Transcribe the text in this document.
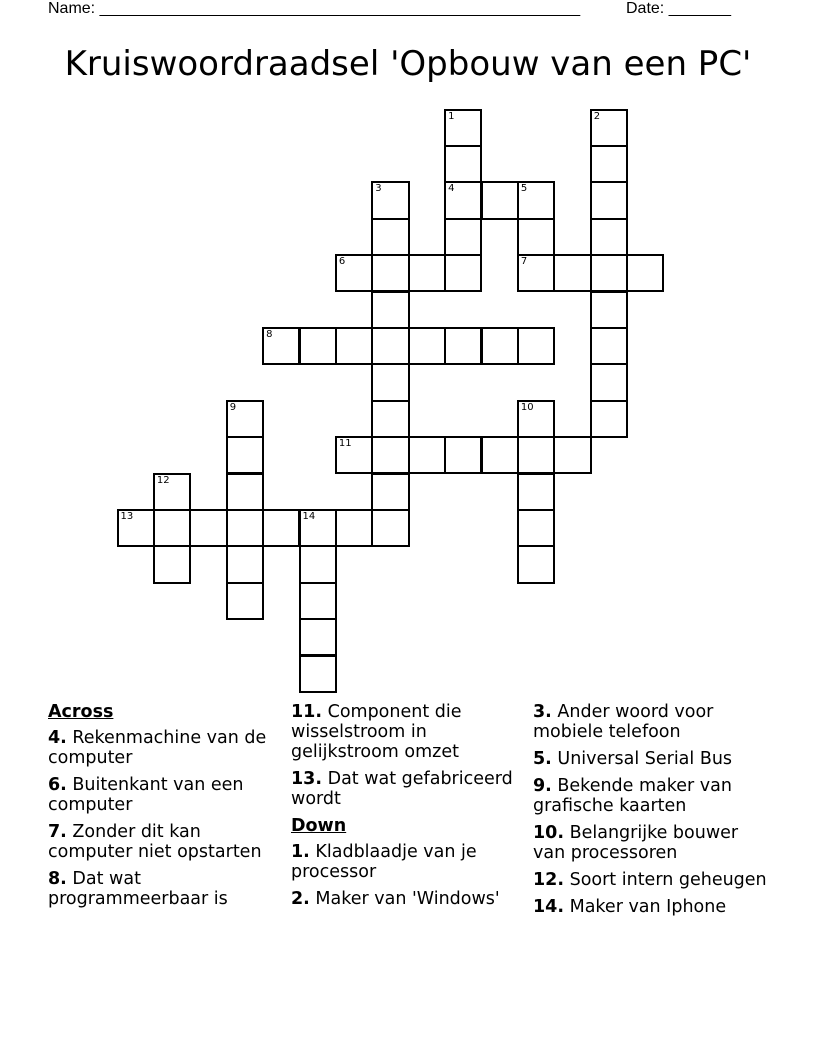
Name: ______________________________________________________	Date: _______
Kruiswoordraadsel 'Opbouw van een PC'
1	2
3	4	5
6	7
8
9	10
11
12
13	14
Across
4. Rekenmachine van de computer
6. Buitenkant van een computer
7. Zonder dit kan computer niet opstarten
8. Dat wat programmeerbaar is
11. Component die wisselstroom in gelijkstroom omzet
13. Dat wat gefabriceerd wordt
Down
1. Kladblaadje van je processor
2. Maker van 'Windows'
3. Ander woord voor mobiele telefoon
5. Universal Serial Bus
9. Bekende maker van grafische kaarten
10. Belangrijke bouwer van processoren
12. Soort intern geheugen
14. Maker van Iphone
